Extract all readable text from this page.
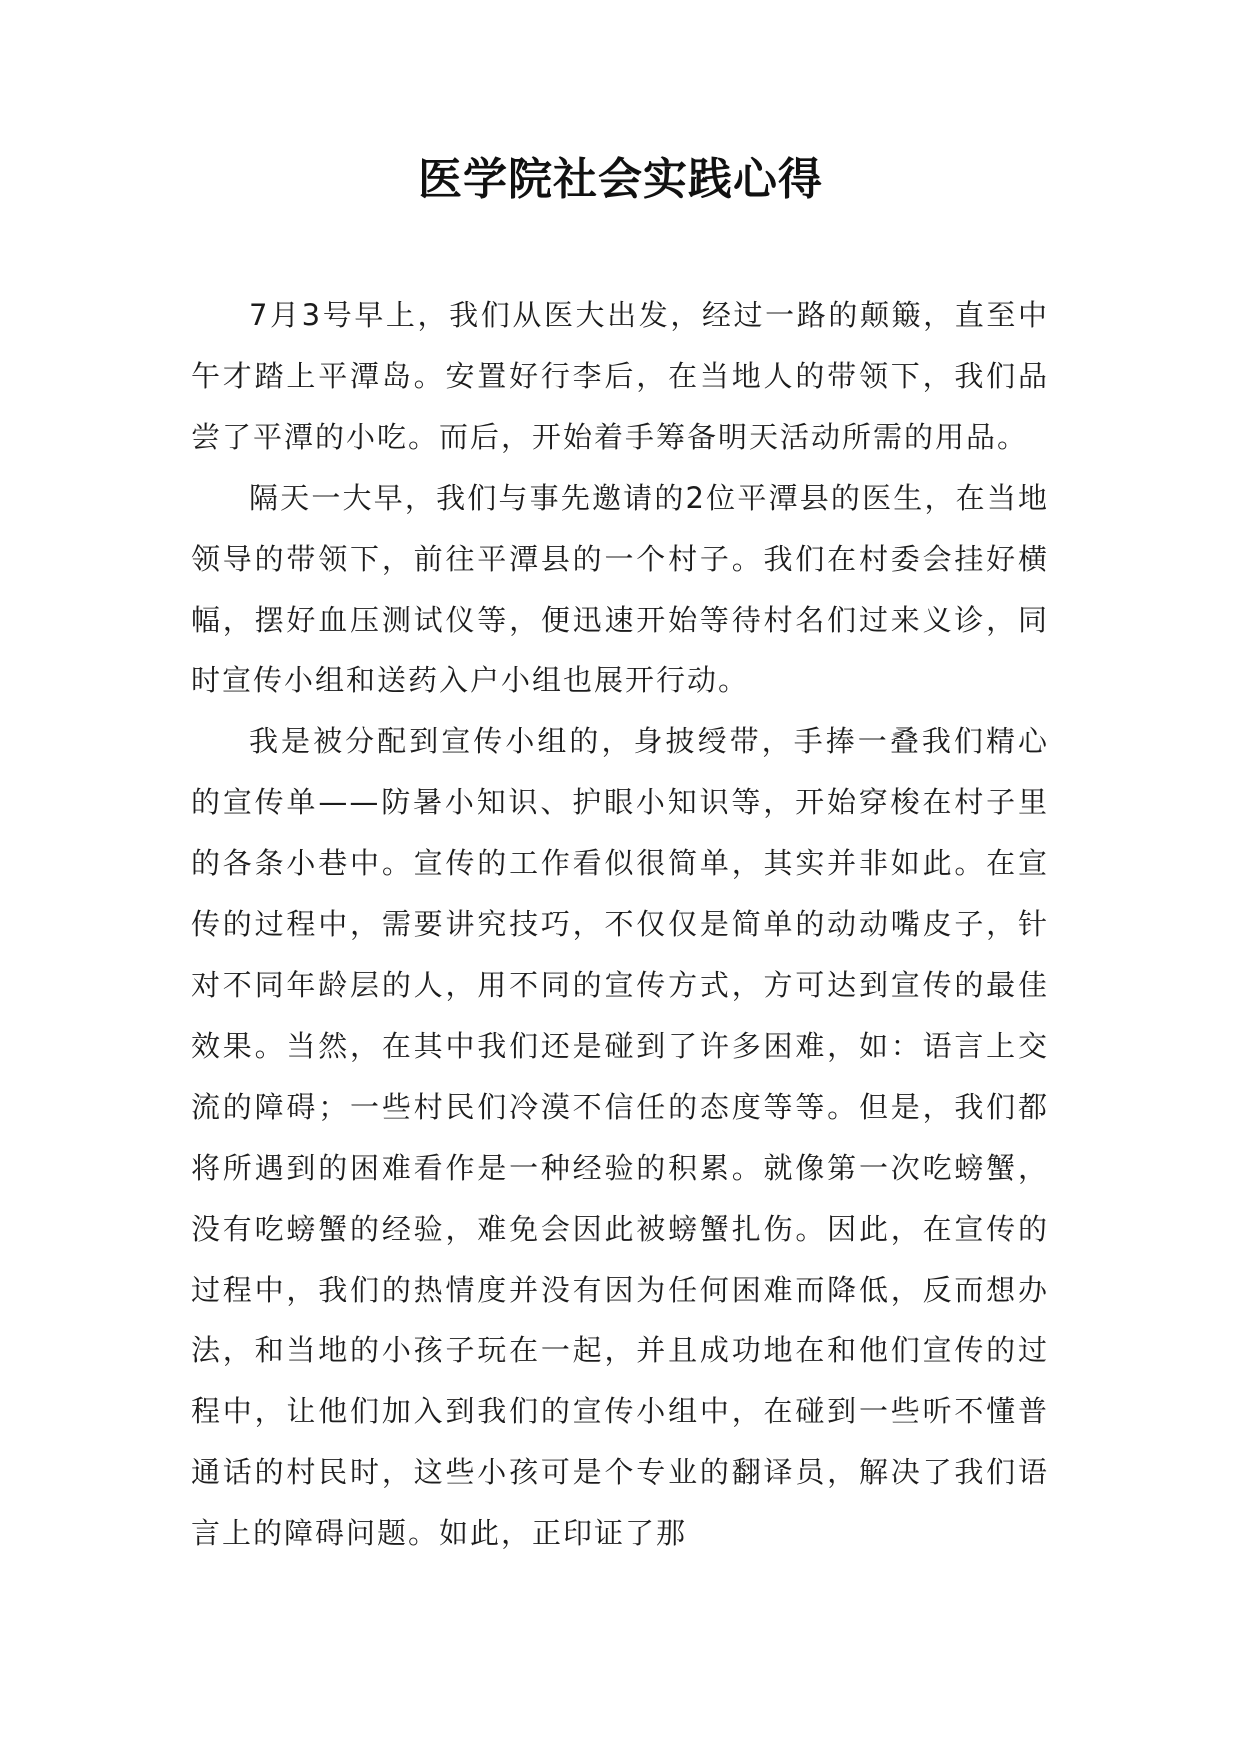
医学院社会实践心得

7月3号早上，我们从医大出发，经过一路的颠簸，直至中午才踏上平潭岛。安置好行李后，在当地人的带领下，我们品尝了平潭的小吃。而后，开始着手筹备明天活动所需的用品。

隔天一大早，我们与事先邀请的2位平潭县的医生，在当地领导的带领下，前往平潭县的一个村子。我们在村委会挂好横幅，摆好血压测试仪等，便迅速开始等待村名们过来义诊，同时宣传小组和送药入户小组也展开行动。

我是被分配到宣传小组的，身披绶带，手捧一叠我们精心的宣传单——防暑小知识、护眼小知识等，开始穿梭在村子里的各条小巷中。宣传的工作看似很简单，其实并非如此。在宣传的过程中，需要讲究技巧，不仅仅是简单的动动嘴皮子，针对不同年龄层的人，用不同的宣传方式，方可达到宣传的最佳效果。当然，在其中我们还是碰到了许多困难，如：语言上交流的障碍；一些村民们冷漠不信任的态度等等。但是，我们都将所遇到的困难看作是一种经验的积累。就像第一次吃螃蟹，没有吃螃蟹的经验，难免会因此被螃蟹扎伤。因此，在宣传的过程中，我们的热情度并没有因为任何困难而降低，反而想办法，和当地的小孩子玩在一起，并且成功地在和他们宣传的过程中，让他们加入到我们的宣传小组中，在碰到一些听不懂普通话的村民时，这些小孩可是个专业的翻译员，解决了我们语言上的障碍问题。如此，正印证了那
